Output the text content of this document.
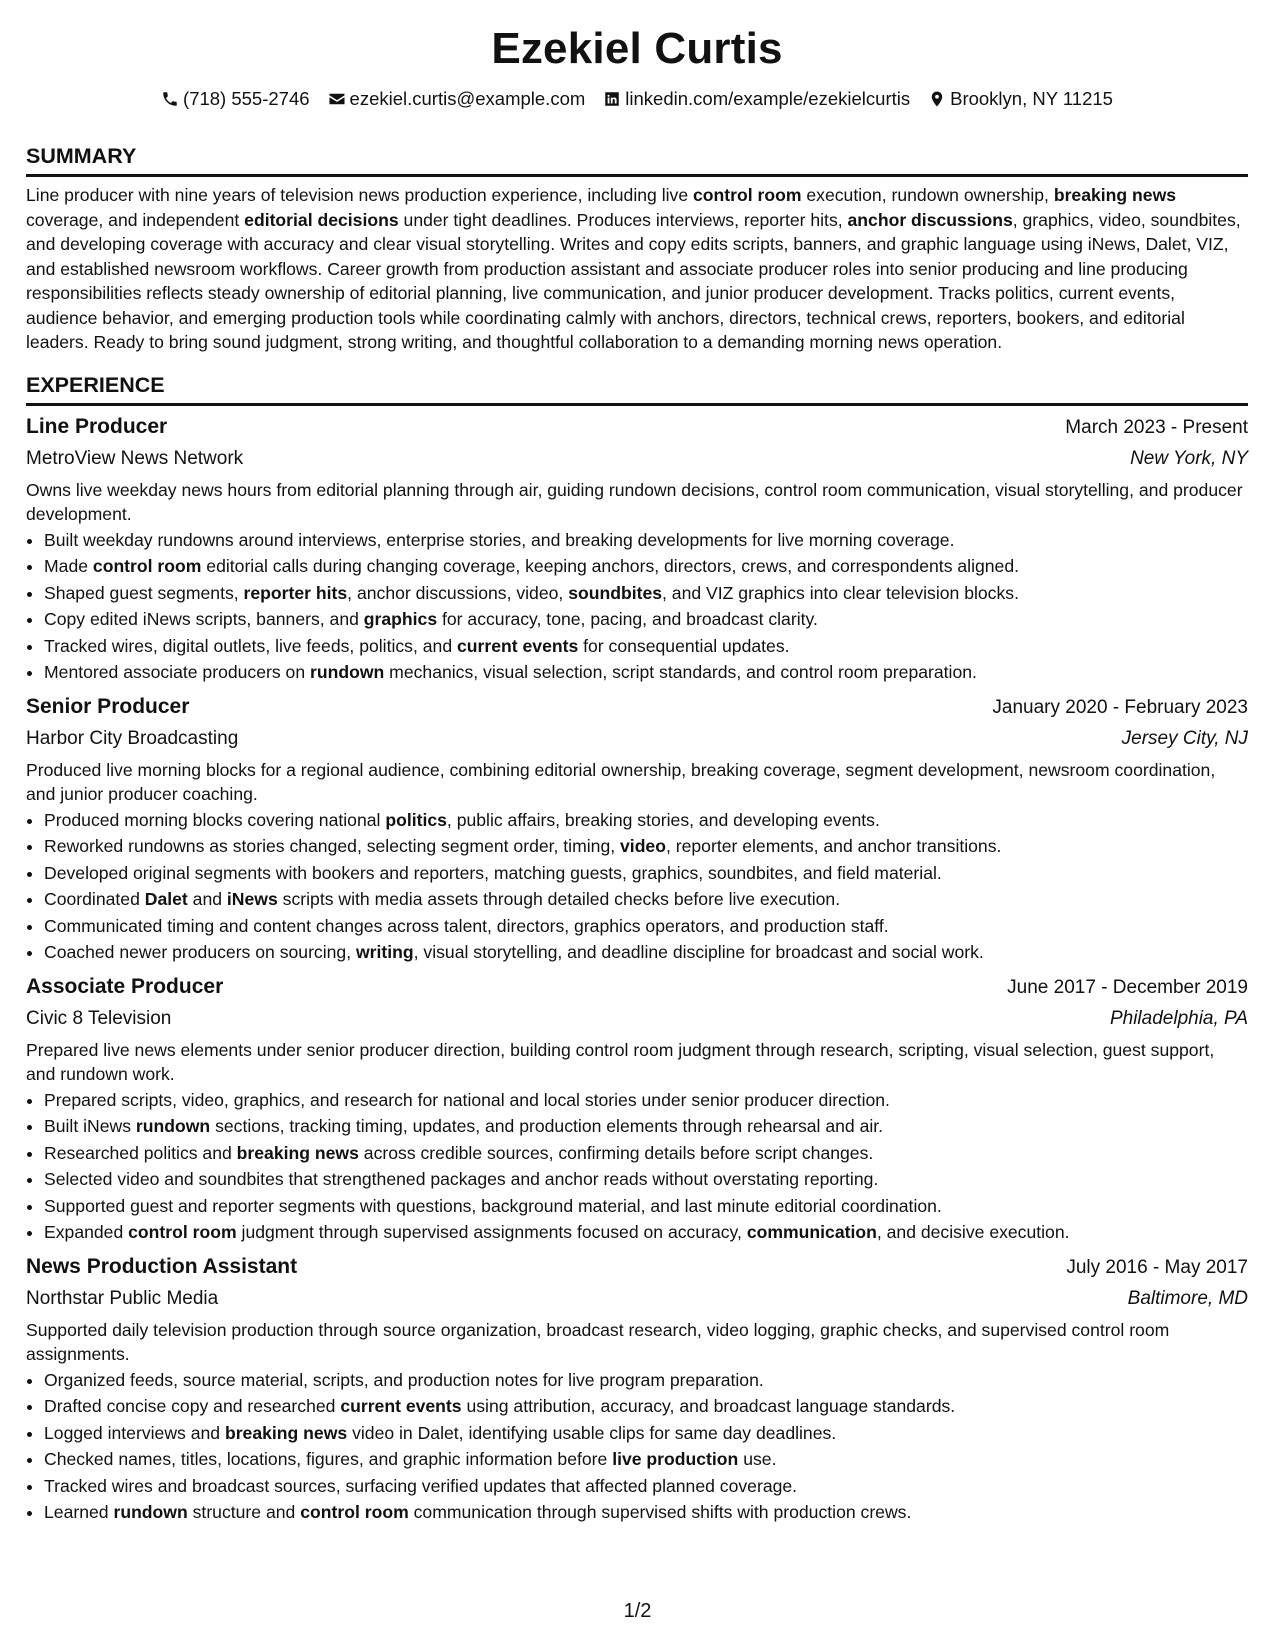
Ezekiel Curtis
(718) 555-2746 ezekiel.curtis@example.com linkedin.com/example/ezekielcurtis Brooklyn, NY 11215
SUMMARY

Line producer with nine years of television news production experience, including live control room execution, rundown ownership, breaking news coverage, and independent editorial decisions under tight deadlines. Produces interviews, reporter hits, anchor discussions, graphics, video, soundbites, and developing coverage with accuracy and clear visual storytelling. Writes and copy edits scripts, banners, and graphic language using iNews, Dalet, VIZ, and established newsroom workflows. Career growth from production assistant and associate producer roles into senior producing and line producing responsibilities reflects steady ownership of editorial planning, live communication, and junior producer development. Tracks politics, current events, audience behavior, and emerging production tools while coordinating calmly with anchors, directors, technical crews, reporters, bookers, and editorial leaders. Ready to bring sound judgment, strong writing, and thoughtful collaboration to a demanding morning news operation.

EXPERIENCE
Line Producer	March 2023 - Present
MetroView News Network	New York, NY

Owns live weekday news hours from editorial planning through air, guiding rundown decisions, control room communication, visual storytelling, and producer development.

• Built weekday rundowns around interviews, enterprise stories, and breaking developments for live morning coverage.
• Made control room editorial calls during changing coverage, keeping anchors, directors, crews, and correspondents aligned.
• Shaped guest segments, reporter hits, anchor discussions, video, soundbites, and VIZ graphics into clear television blocks.
• Copy edited iNews scripts, banners, and graphics for accuracy, tone, pacing, and broadcast clarity.
• Tracked wires, digital outlets, live feeds, politics, and current events for consequential updates.
• Mentored associate producers on rundown mechanics, visual selection, script standards, and control room preparation.
Senior Producer	January 2020 - February 2023
Harbor City Broadcasting	Jersey City, NJ

Produced live morning blocks for a regional audience, combining editorial ownership, breaking coverage, segment development, newsroom coordination, and junior producer coaching.

• Produced morning blocks covering national politics, public affairs, breaking stories, and developing events.
• Reworked rundowns as stories changed, selecting segment order, timing, video, reporter elements, and anchor transitions.
• Developed original segments with bookers and reporters, matching guests, graphics, soundbites, and field material.
• Coordinated Dalet and iNews scripts with media assets through detailed checks before live execution.
• Communicated timing and content changes across talent, directors, graphics operators, and production staff.
• Coached newer producers on sourcing, writing, visual storytelling, and deadline discipline for broadcast and social work.
Associate Producer	June 2017 - December 2019
Civic 8 Television	Philadelphia, PA

Prepared live news elements under senior producer direction, building control room judgment through research, scripting, visual selection, guest support, and rundown work.

• Prepared scripts, video, graphics, and research for national and local stories under senior producer direction.
• Built iNews rundown sections, tracking timing, updates, and production elements through rehearsal and air.
• Researched politics and breaking news across credible sources, confirming details before script changes.
• Selected video and soundbites that strengthened packages and anchor reads without overstating reporting.
• Supported guest and reporter segments with questions, background material, and last minute editorial coordination.
• Expanded control room judgment through supervised assignments focused on accuracy, communication, and decisive execution.
News Production Assistant	July 2016 - May 2017
Northstar Public Media	Baltimore, MD

Supported daily television production through source organization, broadcast research, video logging, graphic checks, and supervised control room assignments.

• Organized feeds, source material, scripts, and production notes for live program preparation.
• Drafted concise copy and researched current events using attribution, accuracy, and broadcast language standards.
• Logged interviews and breaking news video in Dalet, identifying usable clips for same day deadlines.
• Checked names, titles, locations, figures, and graphic information before live production use.
• Tracked wires and broadcast sources, surfacing verified updates that affected planned coverage.
• Learned rundown structure and control room communication through supervised shifts with production crews.
1/2
